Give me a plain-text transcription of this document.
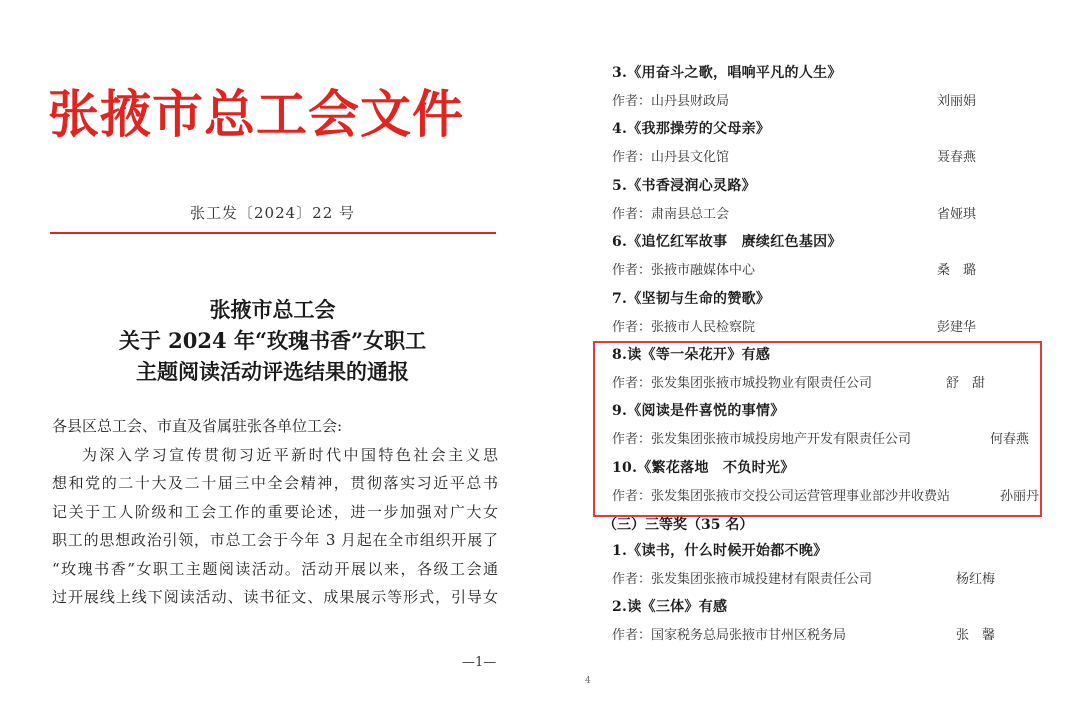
张掖市总工会文件
张工发〔2024〕22 号
张掖市总工会
关于 2024 年“玫瑰书香”女职工
主题阅读活动评选结果的通报

各县区总工会、市直及省属驻张各单位工会:

为深入学习宣传贯彻习近平新时代中国特色社会主义思

想和党的二十大及二十届三中全会精神，贯彻落实习近平总书

记关于工人阶级和工会工作的重要论述，进一步加强对广大女

职工的思想政治引领，市总工会于今年 3 月起在全市组织开展了

“玫瑰书香”女职工主题阅读活动。活动开展以来，各级工会通

过开展线上线下阅读活动、读书征文、成果展示等形式，引导女

—1—
3.《用奋斗之歌，唱响平凡的人生》
作者：山丹县财政局	刘丽娟
4.《我那操劳的父母亲》
作者：山丹县文化馆	聂春燕
5.《书香浸润心灵路》
作者：肃南县总工会	省娅琪
6.《追忆红军故事　赓续红色基因》
作者：张掖市融媒体中心	桑　璐
7.《坚韧与生命的赞歌》
作者：张掖市人民检察院	彭建华
8.读《等一朵花开》有感
作者：张发集团张掖市城投物业有限责任公司	舒　甜
9.《阅读是件喜悦的事情》
作者：张发集团张掖市城投房地产开发有限责任公司	何春燕
10.《繁花落地　不负时光》
作者：张发集团张掖市交投公司运营管理事业部沙井收费站	孙丽丹
（三）三等奖（35 名）
1.《读书，什么时候开始都不晚》
作者：张发集团张掖市城投建材有限责任公司	杨红梅
2.读《三体》有感
作者：国家税务总局张掖市甘州区税务局	张　馨
4
